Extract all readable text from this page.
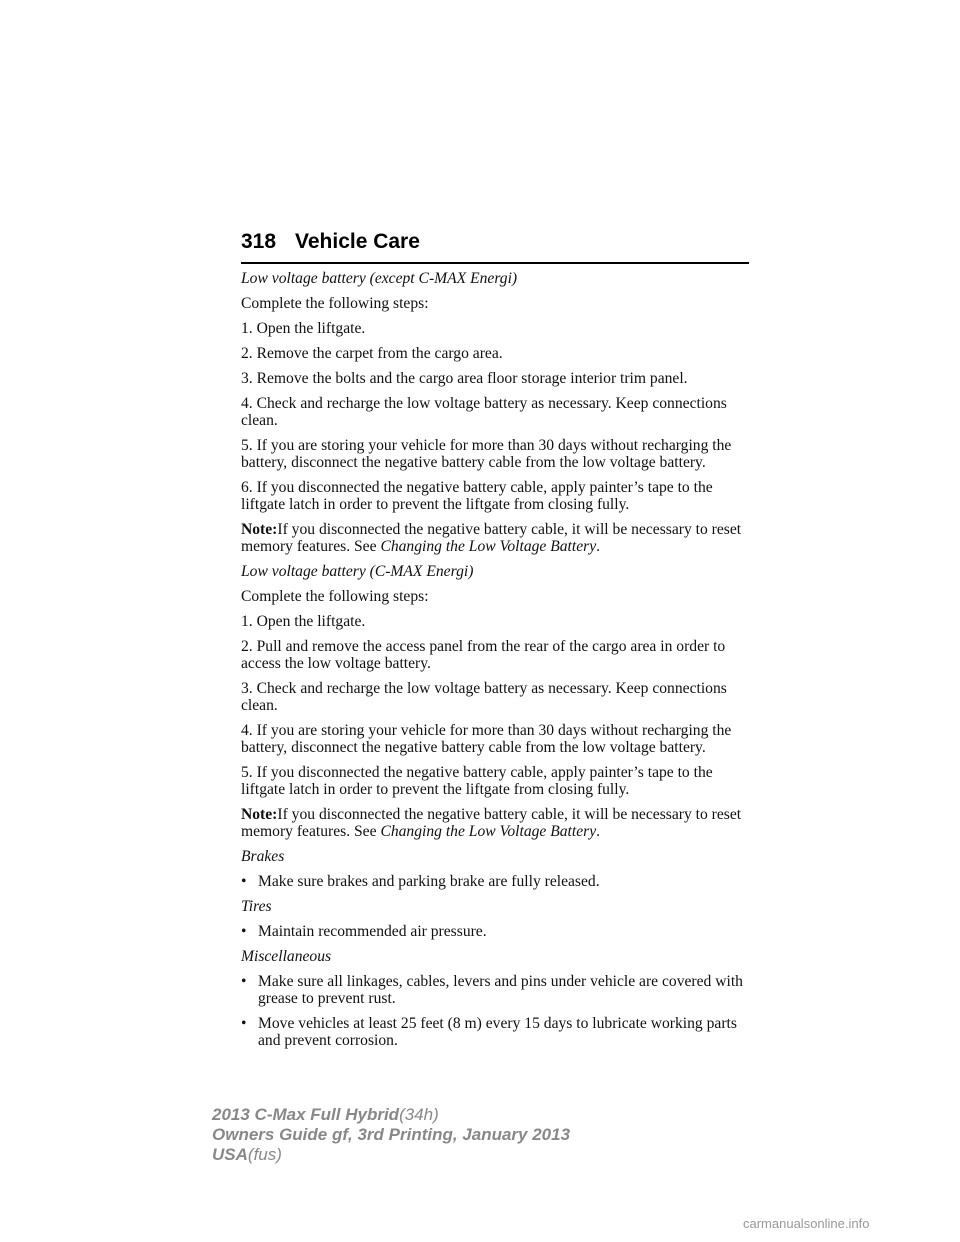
318 Vehicle Care

Low voltage battery (except C-MAX Energi)

Complete the following steps:

1. Open the liftgate.

2. Remove the carpet from the cargo area.

3. Remove the bolts and the cargo area floor storage interior trim panel.

4. Check and recharge the low voltage battery as necessary. Keep connections clean.

5. If you are storing your vehicle for more than 30 days without recharging the battery, disconnect the negative battery cable from the low voltage battery.

6. If you disconnected the negative battery cable, apply painter’s tape to the liftgate latch in order to prevent the liftgate from closing fully.

Note:If you disconnected the negative battery cable, it will be necessary to reset memory features. See Changing the Low Voltage Battery.

Low voltage battery (C-MAX Energi)

Complete the following steps:

1. Open the liftgate.

2. Pull and remove the access panel from the rear of the cargo area in order to access the low voltage battery.

3. Check and recharge the low voltage battery as necessary. Keep connections clean.

4. If you are storing your vehicle for more than 30 days without recharging the battery, disconnect the negative battery cable from the low voltage battery.

5. If you disconnected the negative battery cable, apply painter’s tape to the liftgate latch in order to prevent the liftgate from closing fully.

Note:If you disconnected the negative battery cable, it will be necessary to reset memory features. See Changing the Low Voltage Battery.

Brakes

• Make sure brakes and parking brake are fully released.

Tires

• Maintain recommended air pressure.

Miscellaneous

• Make sure all linkages, cables, levers and pins under vehicle are covered with grease to prevent rust.
• Move vehicles at least 25 feet (8 m) every 15 days to lubricate working parts and prevent corrosion.
2013 C-Max Full Hybrid(34h)
Owners Guide gf, 3rd Printing, January 2013
USA(fus)
carmanualsonline.info
